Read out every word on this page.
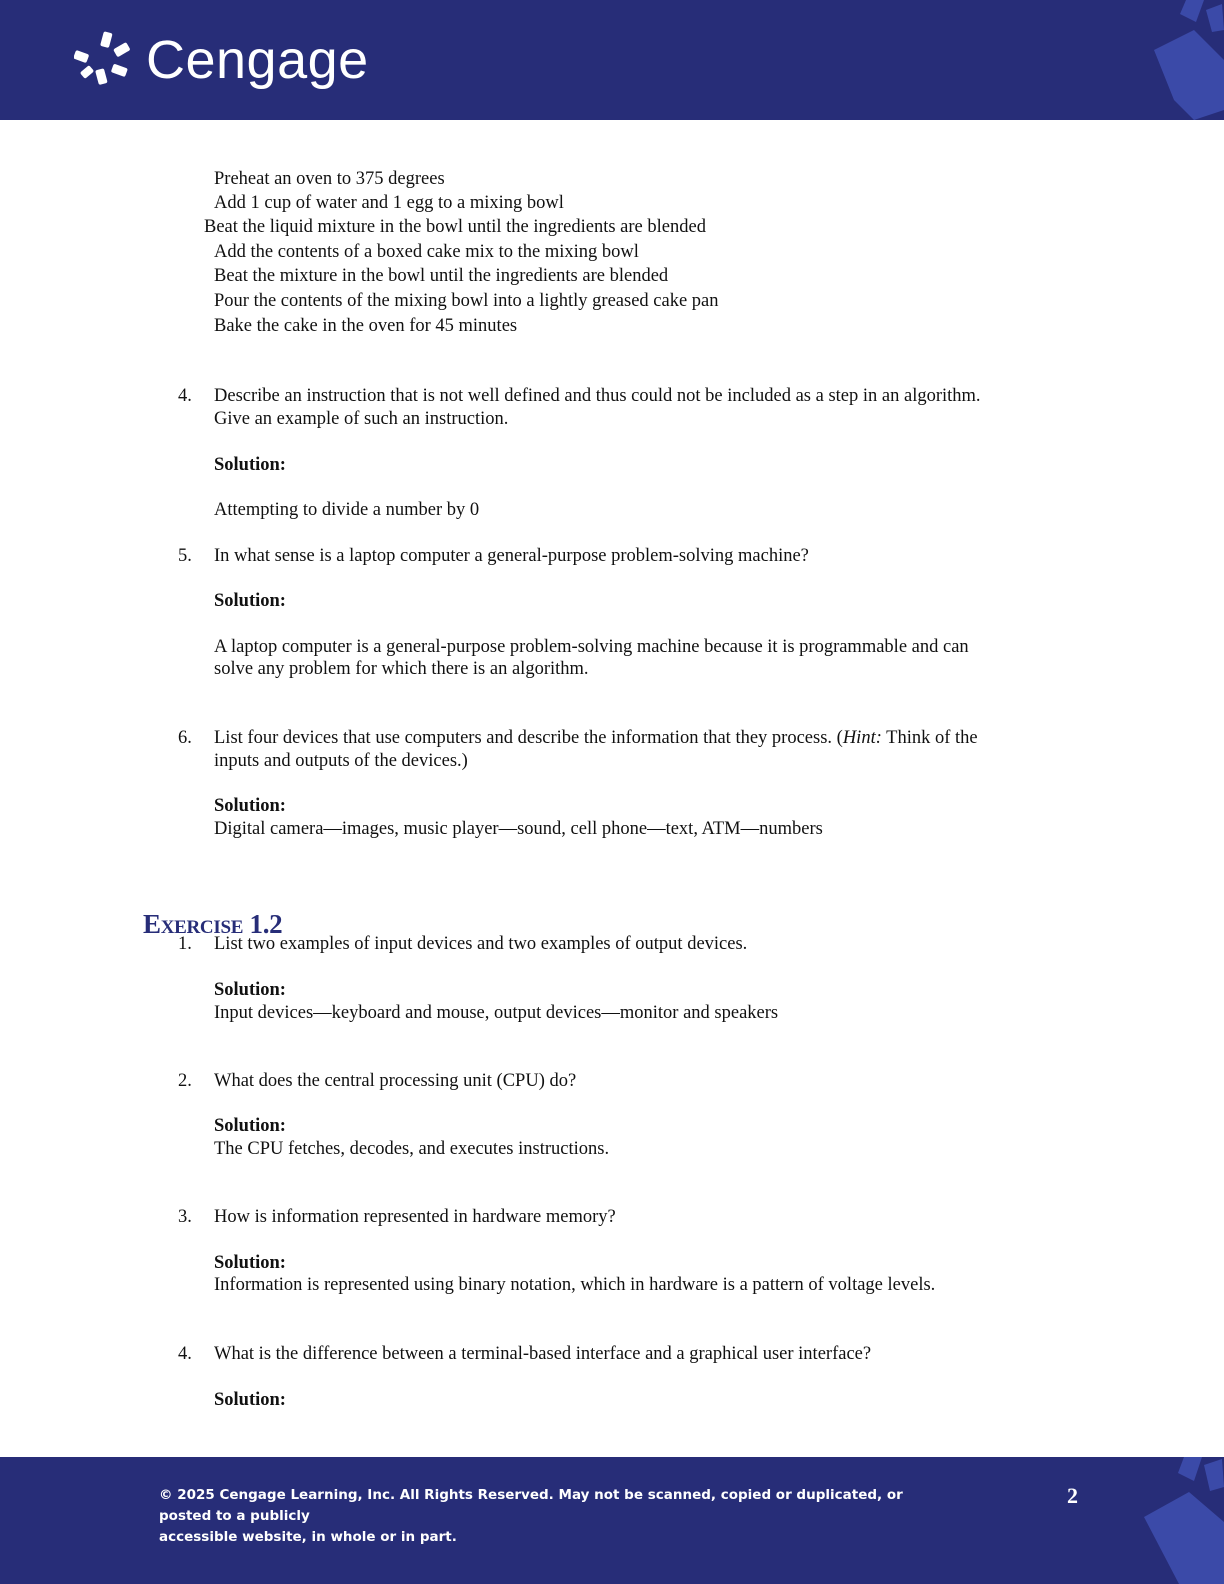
Cengage
Preheat an oven to 375 degrees
Add 1 cup of water and 1 egg to a mixing bowl
Beat the liquid mixture in the bowl until the ingredients are blended
Add the contents of a boxed cake mix to the mixing bowl
Beat the mixture in the bowl until the ingredients are blended
Pour the contents of the mixing bowl into a lightly greased cake pan
Bake the cake in the oven for 45 minutes
4. Describe an instruction that is not well defined and thus could not be included as a step in an algorithm.
Give an example of such an instruction.
Solution:
Attempting to divide a number by 0
5. In what sense is a laptop computer a general-purpose problem-solving machine?
Solution:
A laptop computer is a general-purpose problem-solving machine because it is programmable and can
solve any problem for which there is an algorithm.
6. List four devices that use computers and describe the information that they process. (Hint: Think of the
inputs and outputs of the devices.)
Solution:
Digital camera—images, music player—sound, cell phone—text, ATM—numbers
Exercise 1.2
1. List two examples of input devices and two examples of output devices.
Solution:
Input devices—keyboard and mouse, output devices—monitor and speakers
2. What does the central processing unit (CPU) do?
Solution:
The CPU fetches, decodes, and executes instructions.
3. How is information represented in hardware memory?
Solution:
Information is represented using binary notation, which in hardware is a pattern of voltage levels.
4. What is the difference between a terminal-based interface and a graphical user interface?
Solution:
© 2025 Cengage Learning, Inc. All Rights Reserved. May not be scanned, copied or duplicated, or posted to a publicly
accessible website, in whole or in part.
2
